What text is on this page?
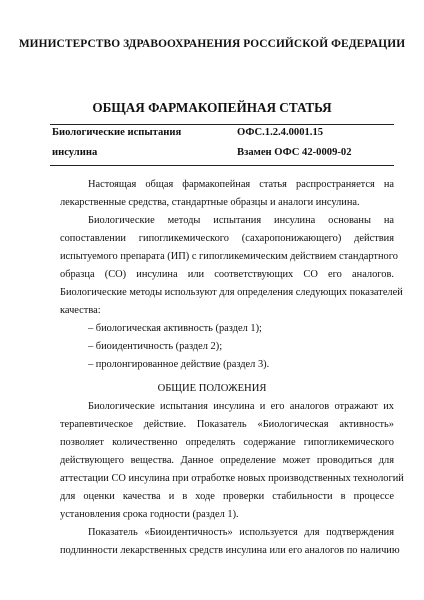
МИНИСТЕРСТВО ЗДРАВООХРАНЕНИЯ РОССИЙСКОЙ ФЕДЕРАЦИИ
ОБЩАЯ ФАРМАКОПЕЙНАЯ СТАТЬЯ
Биологические испытания
инсулина
ОФС.1.2.4.0001.15
Взамен ОФС 42-0009-02
Настоящая общая фармакопейная статья распространяется на
лекарственные средства, стандартные образцы и аналоги инсулина.
Биологические методы испытания инсулина основаны на
сопоставлении гипогликемического (сахаропонижающего) действия
испытуемого препарата (ИП) с гипогликемическим действием стандартного
образца (СО) инсулина или соответствующих СО его аналогов.
Биологические методы используют для определения следующих показателей
качества:
– биологическая активность (раздел 1);
– биоидентичность (раздел 2);
– пролонгированное действие (раздел 3).
ОБЩИЕ ПОЛОЖЕНИЯ
Биологические испытания инсулина и его аналогов отражают их
терапевтическое действие. Показатель «Биологическая активность»
позволяет количественно определять содержание гипогликемического
действующего вещества. Данное определение может проводиться для
аттестации СО инсулина при отработке новых производственных технологий
для оценки качества и в ходе проверки стабильности в процессе
установления срока годности (раздел 1).
Показатель «Биоидентичность» используется для подтверждения
подлинности лекарственных средств инсулина или его аналогов по наличию
